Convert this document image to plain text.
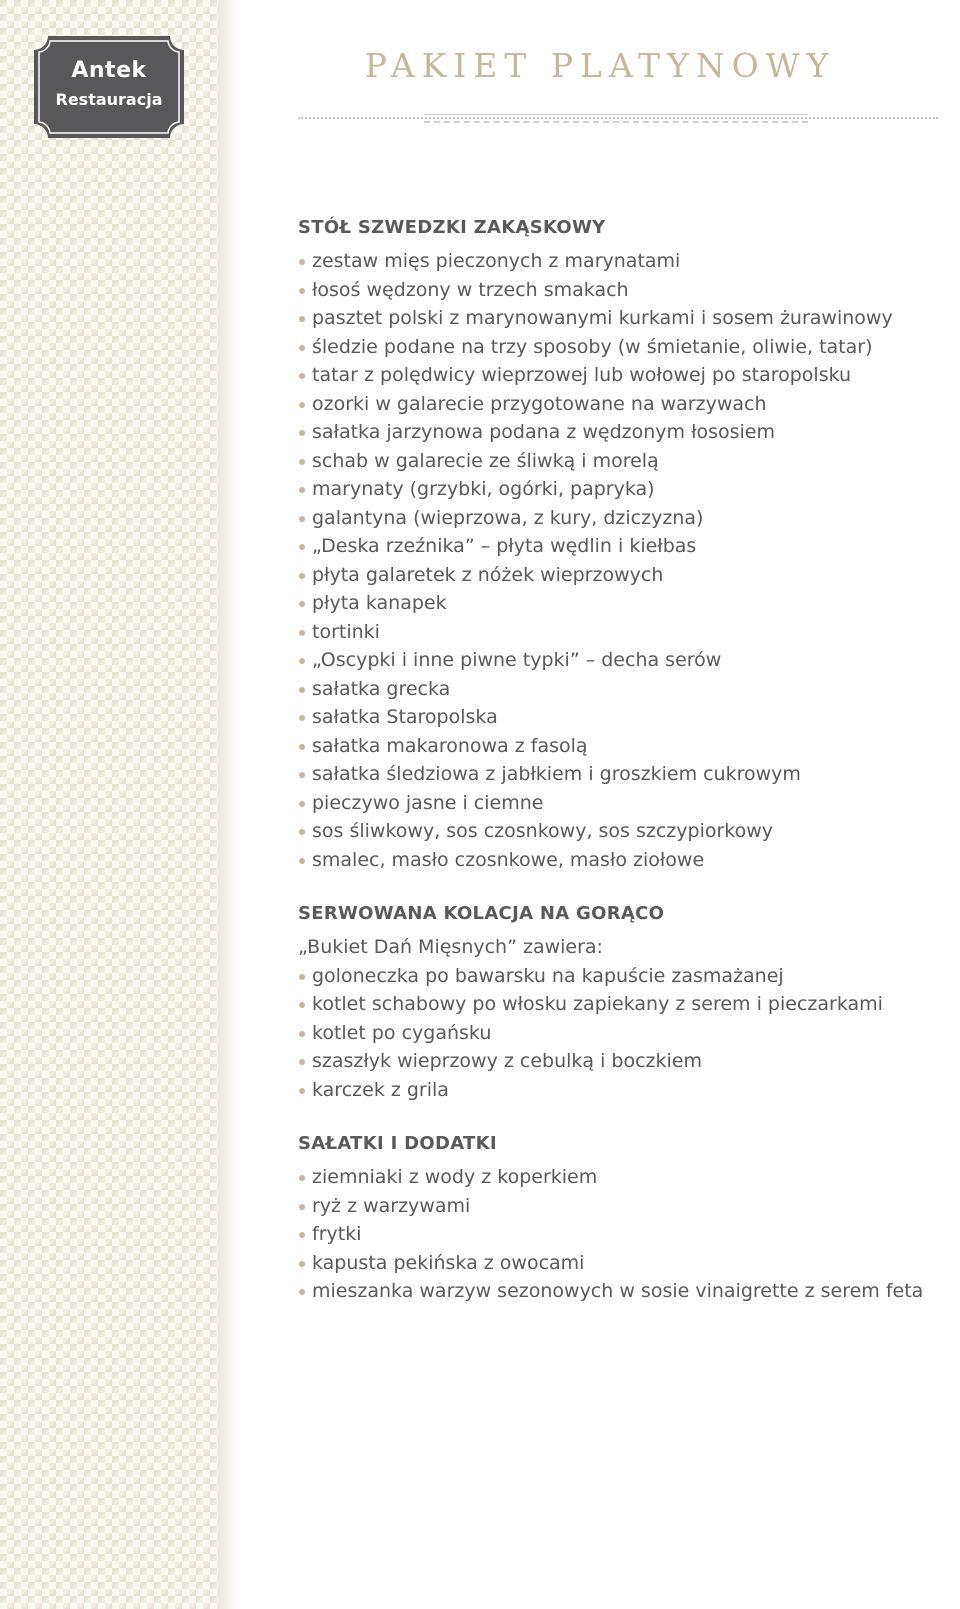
Antek
Restauracja
PAKIET PLATYNOWY
STÓŁ SZWEDZKI ZAKĄSKOWY
zestaw mięs pieczonych z marynatami
łosoś wędzony w trzech smakach
pasztet polski z marynowanymi kurkami i sosem żurawinowy
śledzie podane na trzy sposoby (w śmietanie, oliwie, tatar)
tatar z polędwicy wieprzowej lub wołowej po staropolsku
ozorki w galarecie przygotowane na warzywach
sałatka jarzynowa podana z wędzonym łososiem
schab w galarecie ze śliwką i morelą
marynaty (grzybki, ogórki, papryka)
galantyna (wieprzowa, z kury, dziczyzna)
„Deska rzeźnika” – płyta wędlin i kiełbas
płyta galaretek z nóżek wieprzowych
płyta kanapek
tortinki
„Oscypki i inne piwne typki” – decha serów
sałatka grecka
sałatka Staropolska
sałatka makaronowa z fasolą
sałatka śledziowa z jabłkiem i groszkiem cukrowym
pieczywo jasne i ciemne
sos śliwkowy, sos czosnkowy, sos szczypiorkowy
smalec, masło czosnkowe, masło ziołowe
SERWOWANA KOLACJA NA GORĄCO
„Bukiet Dań Mięsnych” zawiera:
goloneczka po bawarsku na kapuście zasmażanej
kotlet schabowy po włosku zapiekany z serem i pieczarkami
kotlet po cygańsku
szaszłyk wieprzowy z cebulką i boczkiem
karczek z grila
SAŁATKI I DODATKI
ziemniaki z wody z koperkiem
ryż z warzywami
frytki
kapusta pekińska z owocami
mieszanka warzyw sezonowych w sosie vinaigrette z serem feta
